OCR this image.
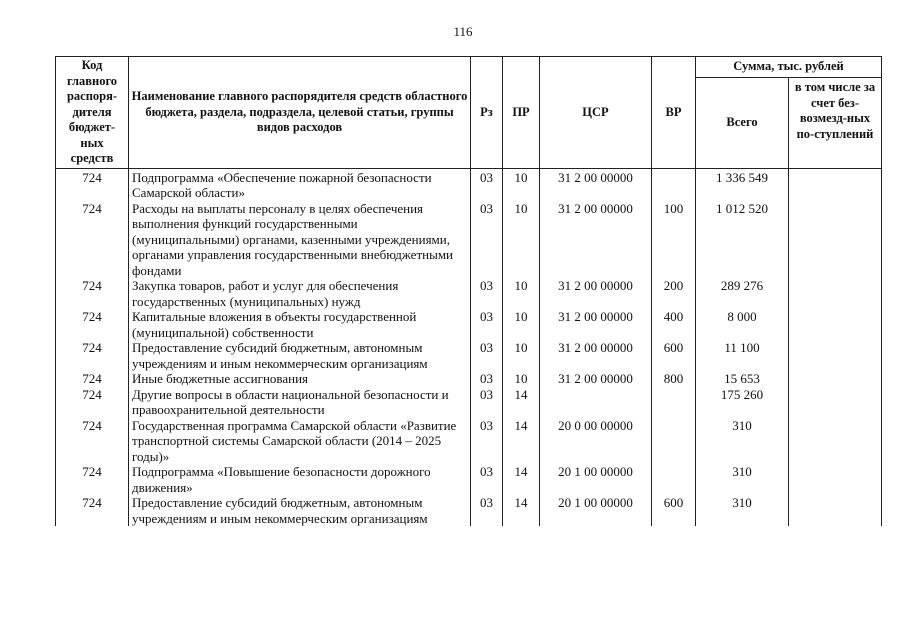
116
Код главного распоря-дителя бюджет-ных средств	Наименование главного распорядителя средств областного бюджета, раздела, подраздела, целевой статьи, группы видов расходов	Рз	ПР	ЦСР	ВР	Сумма, тыс. рублей	
						Всего	в том числе за счет без-возмезд-ных по-ступлений
724	Подпрограмма «Обеспечение пожарной безопасности Самарской области»	03	10	31 2 00 00000		1 336 549	
724	Расходы на выплаты персоналу в целях обеспечения выполнения функций государственными (муниципальными) органами, казенными учреждениями, органами управления государственными внебюджетными фондами	03	10	31 2 00 00000	100	1 012 520	
724	Закупка товаров, работ и услуг для обеспечения государственных (муниципальных) нужд	03	10	31 2 00 00000	200	289 276	
724	Капитальные вложения в объекты государственной (муниципальной) собственности	03	10	31 2 00 00000	400	8 000	
724	Предоставление субсидий бюджетным, автономным учреждениям и иным некоммерческим организациям	03	10	31 2 00 00000	600	11 100	
724	Иные бюджетные ассигнования	03	10	31 2 00 00000	800	15 653	
724	Другие вопросы в области национальной безопасности и правоохранительной деятельности	03	14			175 260	
724	Государственная программа Самарской области «Развитие транспортной системы Самарской области (2014 – 2025 годы)»	03	14	20 0 00 00000		310	
724	Подпрограмма «Повышение безопасности дорожного движения»	03	14	20 1 00 00000		310	
724	Предоставление субсидий бюджетным, автономным учреждениям и иным некоммерческим организациям	03	14	20 1 00 00000	600	310	
